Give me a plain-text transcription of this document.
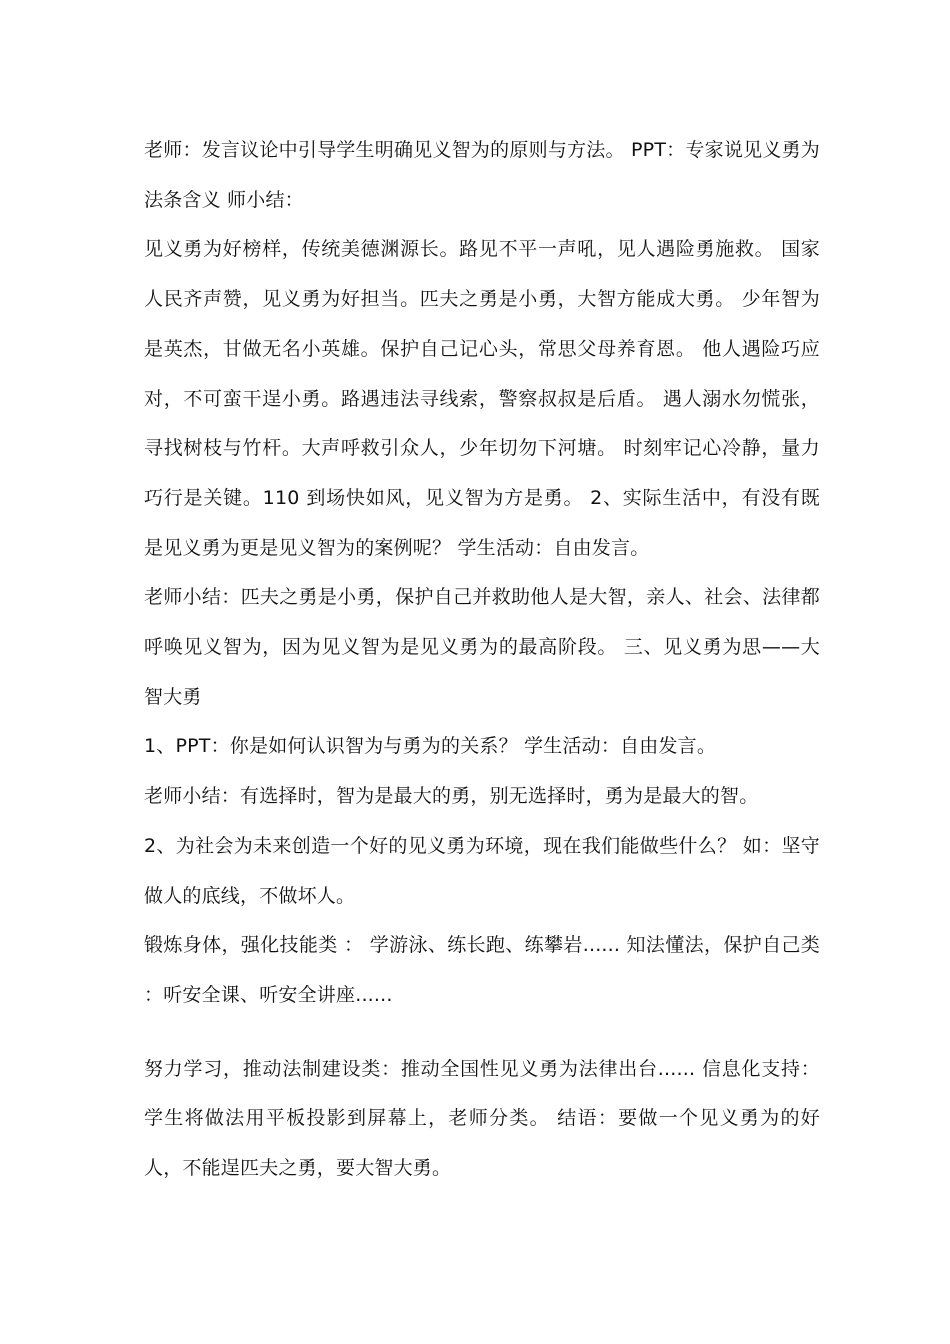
老师：发言议论中引导学生明确见义智为的原则与方法。 PPT：专家说见义勇为法条含义 师小结：

见义勇为好榜样，传统美德渊源长。路见不平一声吼，见人遇险勇施救。 国家人民齐声赞，见义勇为好担当。匹夫之勇是小勇，大智方能成大勇。 少年智为是英杰，甘做无名小英雄。保护自己记心头，常思父母养育恩。 他人遇险巧应对，不可蛮干逞小勇。路遇违法寻线索，警察叔叔是后盾。 遇人溺水勿慌张，寻找树枝与竹杆。大声呼救引众人，少年切勿下河塘。 时刻牢记心冷静，量力巧行是关键。110 到场快如风，见义智为方是勇。 2、实际生活中，有没有既是见义勇为更是见义智为的案例呢？ 学生活动：自由发言。

老师小结：匹夫之勇是小勇，保护自己并救助他人是大智，亲人、社会、法律都呼唤见义智为，因为见义智为是见义勇为的最高阶段。 三、见义勇为思——大智大勇

1、PPT：你是如何认识智为与勇为的关系？ 学生活动：自由发言。

老师小结：有选择时，智为是最大的勇，别无选择时，勇为是最大的智。

2、为社会为未来创造一个好的见义勇为环境，现在我们能做些什么？ 如：坚守做人的底线，不做坏人。

锻炼身体，强化技能类 ： 学游泳、练长跑、练攀岩...... 知法懂法，保护自己类 ：听安全课、听安全讲座......

努力学习，推动法制建设类：推动全国性见义勇为法律出台...... 信息化支持：学生将做法用平板投影到屏幕上，老师分类。 结语：要做一个见义勇为的好人，不能逞匹夫之勇，要大智大勇。
